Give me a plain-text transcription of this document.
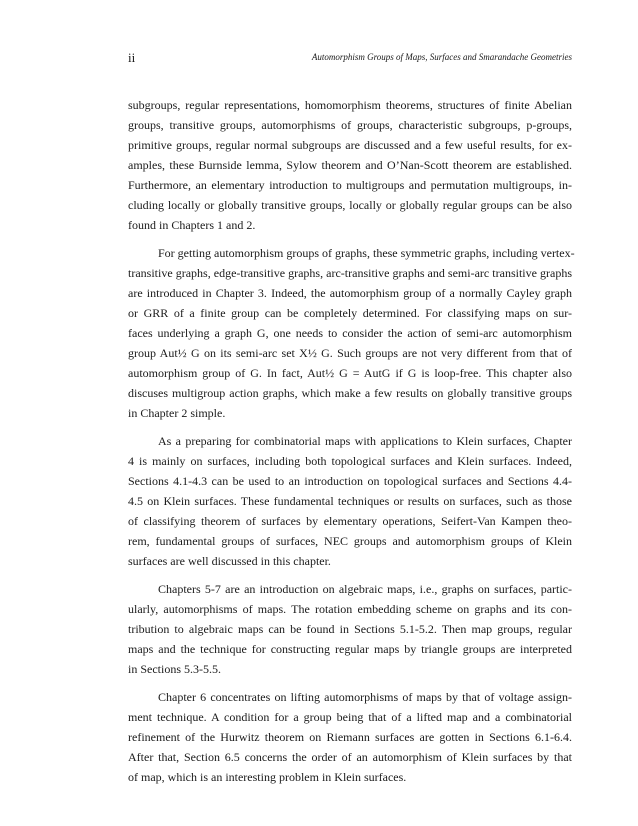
ii	Automorphism Groups of Maps, Surfaces and Smarandache Geometries
subgroups, regular representations, homomorphism theorems, structures of finite Abelian
groups, transitive groups, automorphisms of groups, characteristic subgroups, p-groups,
primitive groups, regular normal subgroups are discussed and a few useful results, for ex-
amples, these Burnside lemma, Sylow theorem and O’Nan-Scott theorem are established.
Furthermore, an elementary introduction to multigroups and permutation multigroups, in-
cluding locally or globally transitive groups, locally or globally regular groups can be also
found in Chapters 1 and 2.
For getting automorphism groups of graphs, these symmetric graphs, including vertex-
transitive graphs, edge-transitive graphs, arc-transitive graphs and semi-arc transitive graphs
are introduced in Chapter 3. Indeed, the automorphism group of a normally Cayley graph
or GRR of a finite group can be completely determined. For classifying maps on sur-
faces underlying a graph G, one needs to consider the action of semi-arc automorphism
group Aut½ G on its semi-arc set X½ G. Such groups are not very different from that of
automorphism group of G. In fact, Aut½ G = AutG if G is loop-free. This chapter also
discuses multigroup action graphs, which make a few results on globally transitive groups
in Chapter 2 simple.
As a preparing for combinatorial maps with applications to Klein surfaces, Chapter
4 is mainly on surfaces, including both topological surfaces and Klein surfaces. Indeed,
Sections 4.1-4.3 can be used to an introduction on topological surfaces and Sections 4.4-
4.5 on Klein surfaces. These fundamental techniques or results on surfaces, such as those
of classifying theorem of surfaces by elementary operations, Seifert-Van Kampen theo-
rem, fundamental groups of surfaces, NEC groups and automorphism groups of Klein
surfaces are well discussed in this chapter.
Chapters 5-7 are an introduction on algebraic maps, i.e., graphs on surfaces, partic-
ularly, automorphisms of maps. The rotation embedding scheme on graphs and its con-
tribution to algebraic maps can be found in Sections 5.1-5.2. Then map groups, regular
maps and the technique for constructing regular maps by triangle groups are interpreted
in Sections 5.3-5.5.
Chapter 6 concentrates on lifting automorphisms of maps by that of voltage assign-
ment technique. A condition for a group being that of a lifted map and a combinatorial
refinement of the Hurwitz theorem on Riemann surfaces are gotten in Sections 6.1-6.4.
After that, Section 6.5 concerns the order of an automorphism of Klein surfaces by that
of map, which is an interesting problem in Klein surfaces.
